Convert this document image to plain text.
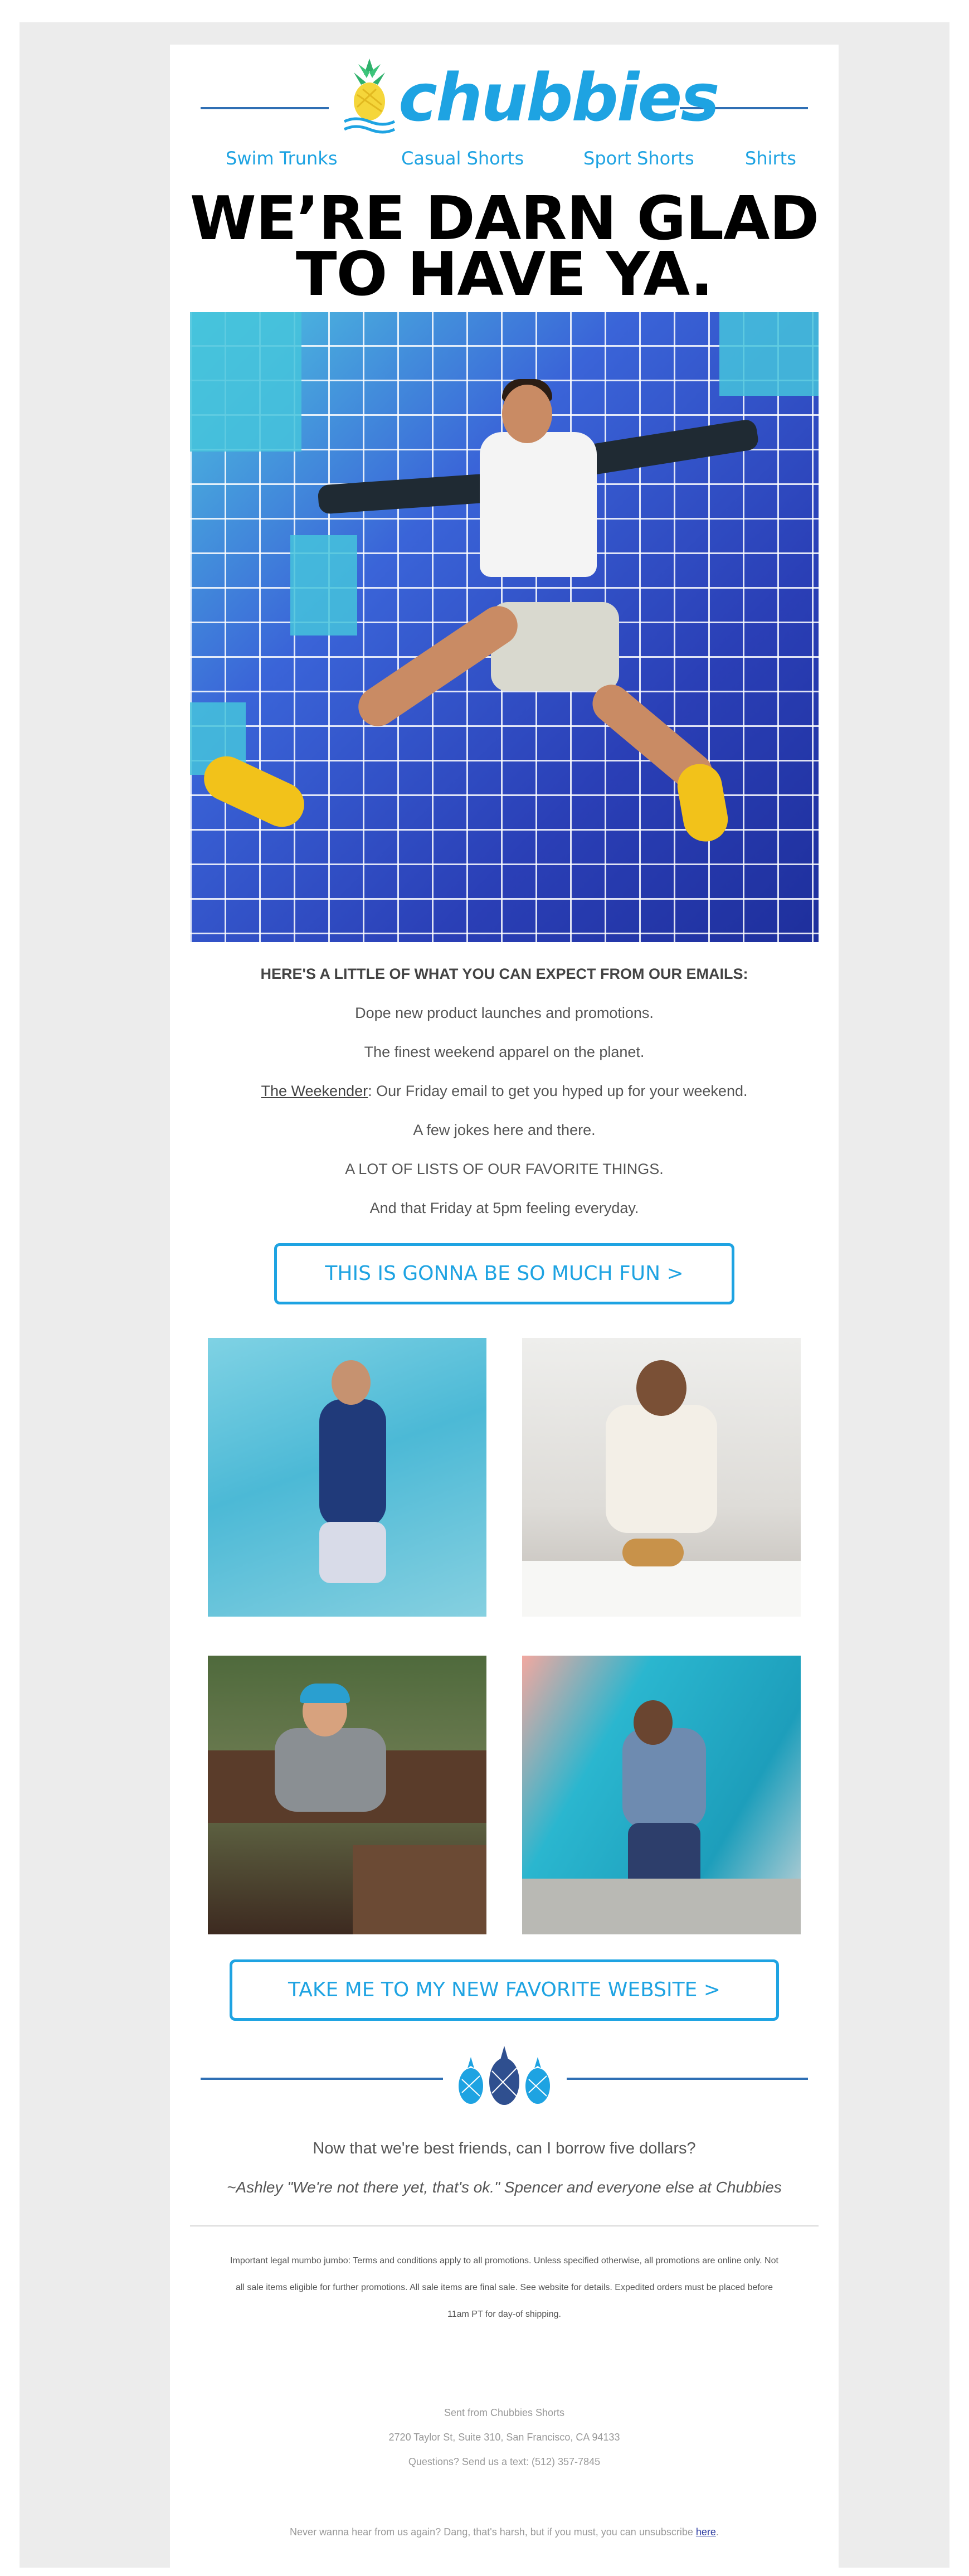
chubbies
Swim Trunks	Casual Shorts	Sport Shorts	Shirts
WE’RE DARN GLAD
TO HAVE YA.
HERE'S A LITTLE OF WHAT YOU CAN EXPECT FROM OUR EMAILS:
Dope new product launches and promotions.
The finest weekend apparel on the planet.
The Weekender: Our Friday email to get you hyped up for your weekend.
A few jokes here and there.
A LOT OF LISTS OF OUR FAVORITE THINGS.
And that Friday at 5pm feeling everyday.
THIS IS GONNA BE SO MUCH FUN >
TAKE ME TO MY NEW FAVORITE WEBSITE >
Now that we're best friends, can I borrow five dollars?
~Ashley "We're not there yet, that's ok." Spencer and everyone else at Chubbies
Important legal mumbo jumbo: Terms and conditions apply to all promotions. Unless specified otherwise, all promotions are online only. Not
all sale items eligible for further promotions. All sale items are final sale. See website for details. Expedited orders must be placed before
11am PT for day-of shipping.
Sent from Chubbies Shorts
2720 Taylor St, Suite 310, San Francisco, CA 94133
Questions? Send us a text: (512) 357-7845
Never wanna hear from us again? Dang, that's harsh, but if you must, you can unsubscribe here.
